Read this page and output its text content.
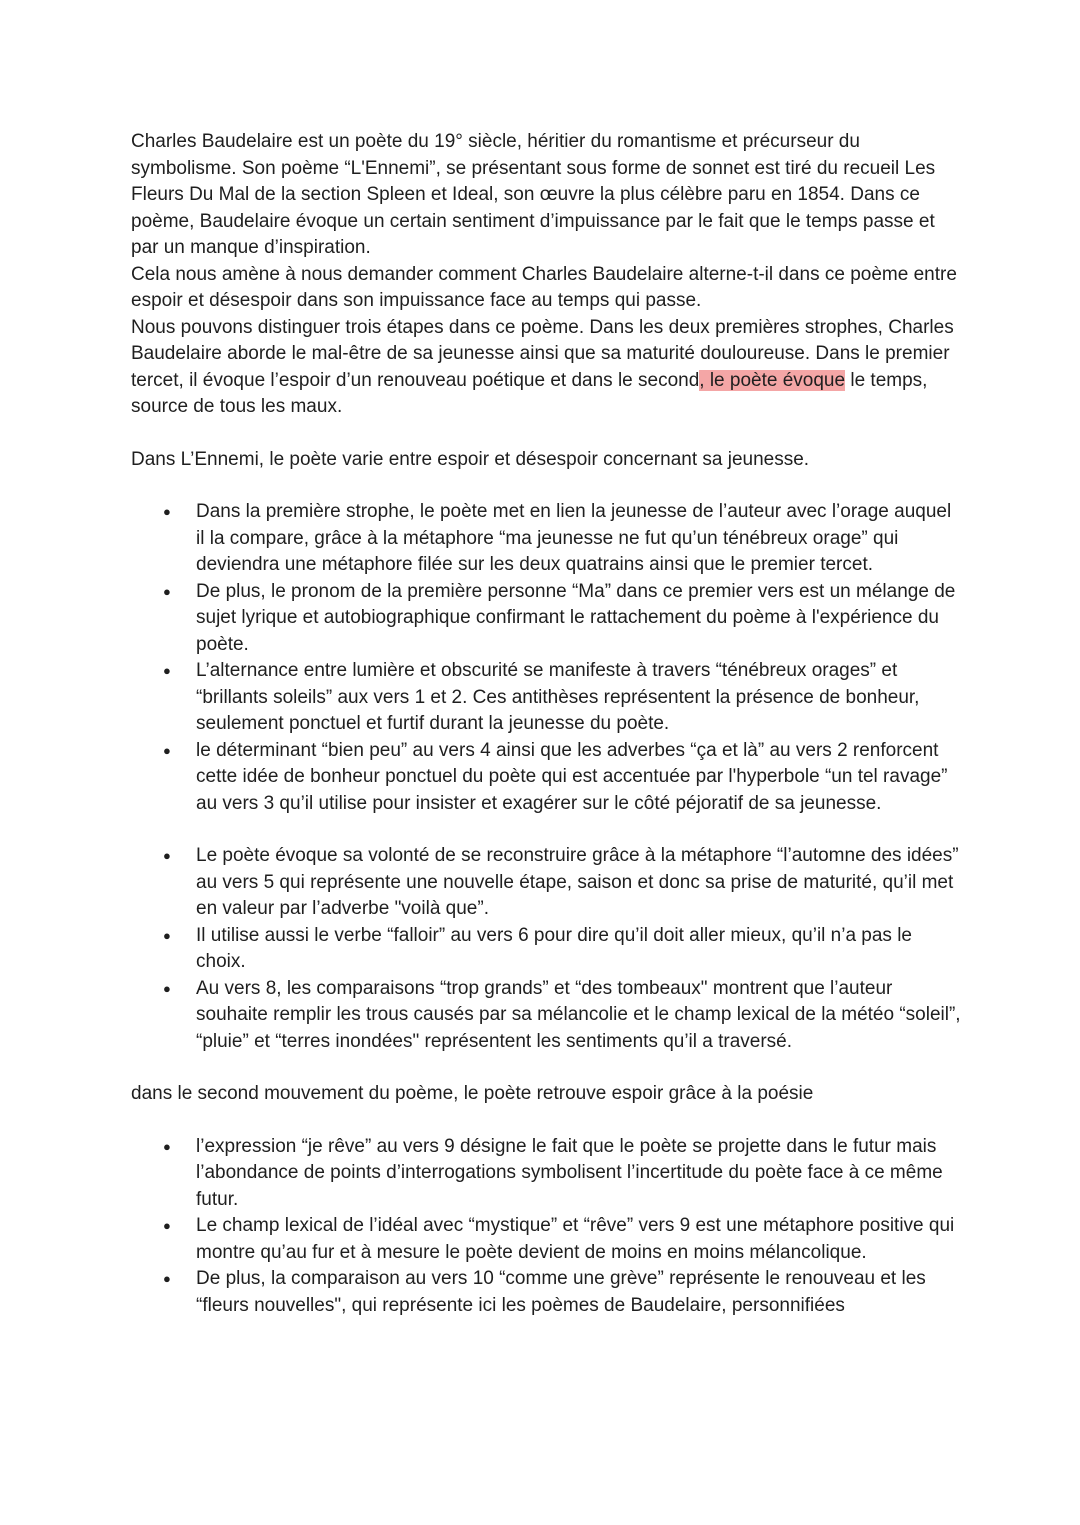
Charles Baudelaire est un poète du 19° siècle, héritier du romantisme et précurseur du symbolisme. Son poème “L'Ennemi”, se présentant sous forme de sonnet est tiré du recueil Les Fleurs Du Mal de la section Spleen et Ideal, son œuvre la plus célèbre paru en 1854. Dans ce poème, Baudelaire évoque un certain sentiment d’impuissance par le fait que le temps passe et par un manque d’inspiration.

Cela nous amène à nous demander comment Charles Baudelaire alterne-t-il dans ce poème entre espoir et désespoir dans son impuissance face au temps qui passe.

Nous pouvons distinguer trois étapes dans ce poème. Dans les deux premières strophes, Charles Baudelaire aborde le mal-être de sa jeunesse ainsi que sa maturité douloureuse. Dans le premier tercet, il évoque l’espoir d’un renouveau poétique et dans le second, le poète évoque le temps, source de tous les maux.

Dans L’Ennemi, le poète varie entre espoir et désespoir concernant sa jeunesse.

● Dans la première strophe, le poète met en lien la jeunesse de l’auteur avec l’orage auquel il la compare, grâce à la métaphore “ma jeunesse ne fut qu’un ténébreux orage” qui deviendra une métaphore filée sur les deux quatrains ainsi que le premier tercet.
● De plus, le pronom de la première personne “Ma” dans ce premier vers est un mélange de sujet lyrique et autobiographique confirmant le rattachement du poème à l'expérience du poète.
● L’alternance entre lumière et obscurité se manifeste à travers “ténébreux orages” et “brillants soleils” aux vers 1 et 2. Ces antithèses représentent la présence de bonheur, seulement ponctuel et furtif durant la jeunesse du poète.
● le déterminant “bien peu” au vers 4 ainsi que les adverbes “ça et là” au vers 2 renforcent cette idée de bonheur ponctuel du poète qui est accentuée par l'hyperbole “un tel ravage” au vers 3 qu’il utilise pour insister et exagérer sur le côté péjoratif de sa jeunesse.
● Le poète évoque sa volonté de se reconstruire grâce à la métaphore “l’automne des idées” au vers 5 qui représente une nouvelle étape, saison et donc sa prise de maturité, qu’il met en valeur par l’adverbe "voilà que”.
● Il utilise aussi le verbe “falloir” au vers 6 pour dire qu’il doit aller mieux, qu’il n’a pas le choix.
● Au vers 8, les comparaisons “trop grands” et “des tombeaux" montrent que l’auteur souhaite remplir les trous causés par sa mélancolie et le champ lexical de la météo “soleil”, “pluie” et “terres inondées" représentent les sentiments qu’il a traversé.

dans le second mouvement du poème, le poète retrouve espoir grâce à la poésie

● l’expression “je rêve” au vers 9 désigne le fait que le poète se projette dans le futur mais l’abondance de points d’interrogations symbolisent l’incertitude du poète face à ce même futur.
● Le champ lexical de l’idéal avec “mystique” et “rêve” vers 9 est une métaphore positive qui montre qu’au fur et à mesure le poète devient de moins en moins mélancolique.
● De plus, la comparaison au vers 10 “comme une grève” représente le renouveau et les “fleurs nouvelles", qui représente ici les poèmes de Baudelaire, personnifiées
